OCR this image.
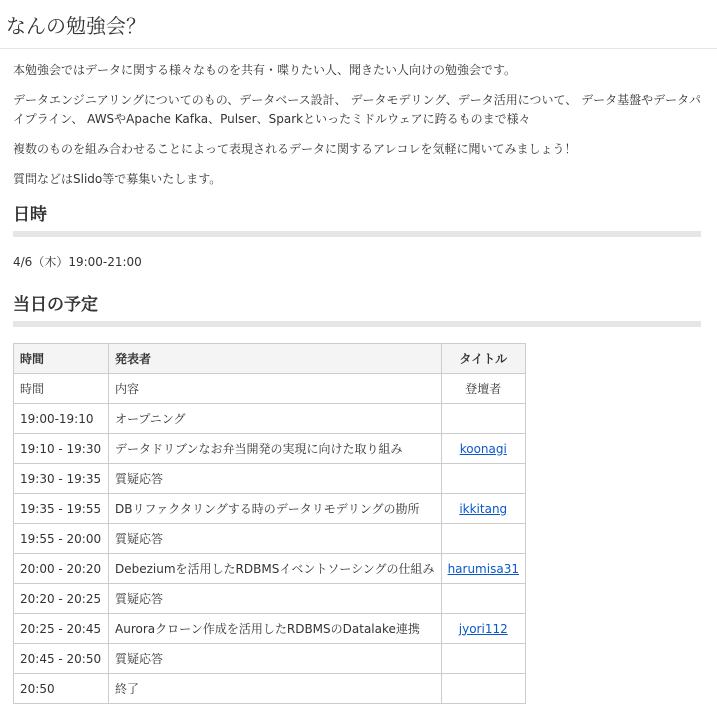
なんの勉強会？

本勉強会ではデータに関する様々なものを共有・喋りたい人、聞きたい人向けの勉強会です。

データエンジニアリングについてのもの、データベース設計、 データモデリング、データ活用について、 データ基盤やデータパイプライン、 AWSやApache Kafka、Pulser、Sparkといったミドルウェアに跨るものまで様々

複数のものを組み合わせることによって表現されるデータに関するアレコレを気軽に聞いてみましょう！

質問などはSlido等で募集いたします。

日時
4/6（木）19:00-21:00
当日の予定
時間	発表者	タイトル
時間	内容	登壇者
19:00-19:10	オープニング	
19:10 - 19:30	データドリブンなお弁当開発の実現に向けた取り組み	koonagi
19:30 - 19:35	質疑応答	
19:35 - 19:55	DBリファクタリングする時のデータリモデリングの勘所	ikkitang
19:55 - 20:00	質疑応答	
20:00 - 20:20	Debeziumを活用したRDBMSイベントソーシングの仕組み	harumisa31
20:20 - 20:25	質疑応答	
20:25 - 20:45	Auroraクローン作成を活用したRDBMSのDatalake連携	jyori112
20:45 - 20:50	質疑応答	
20:50	終了	
